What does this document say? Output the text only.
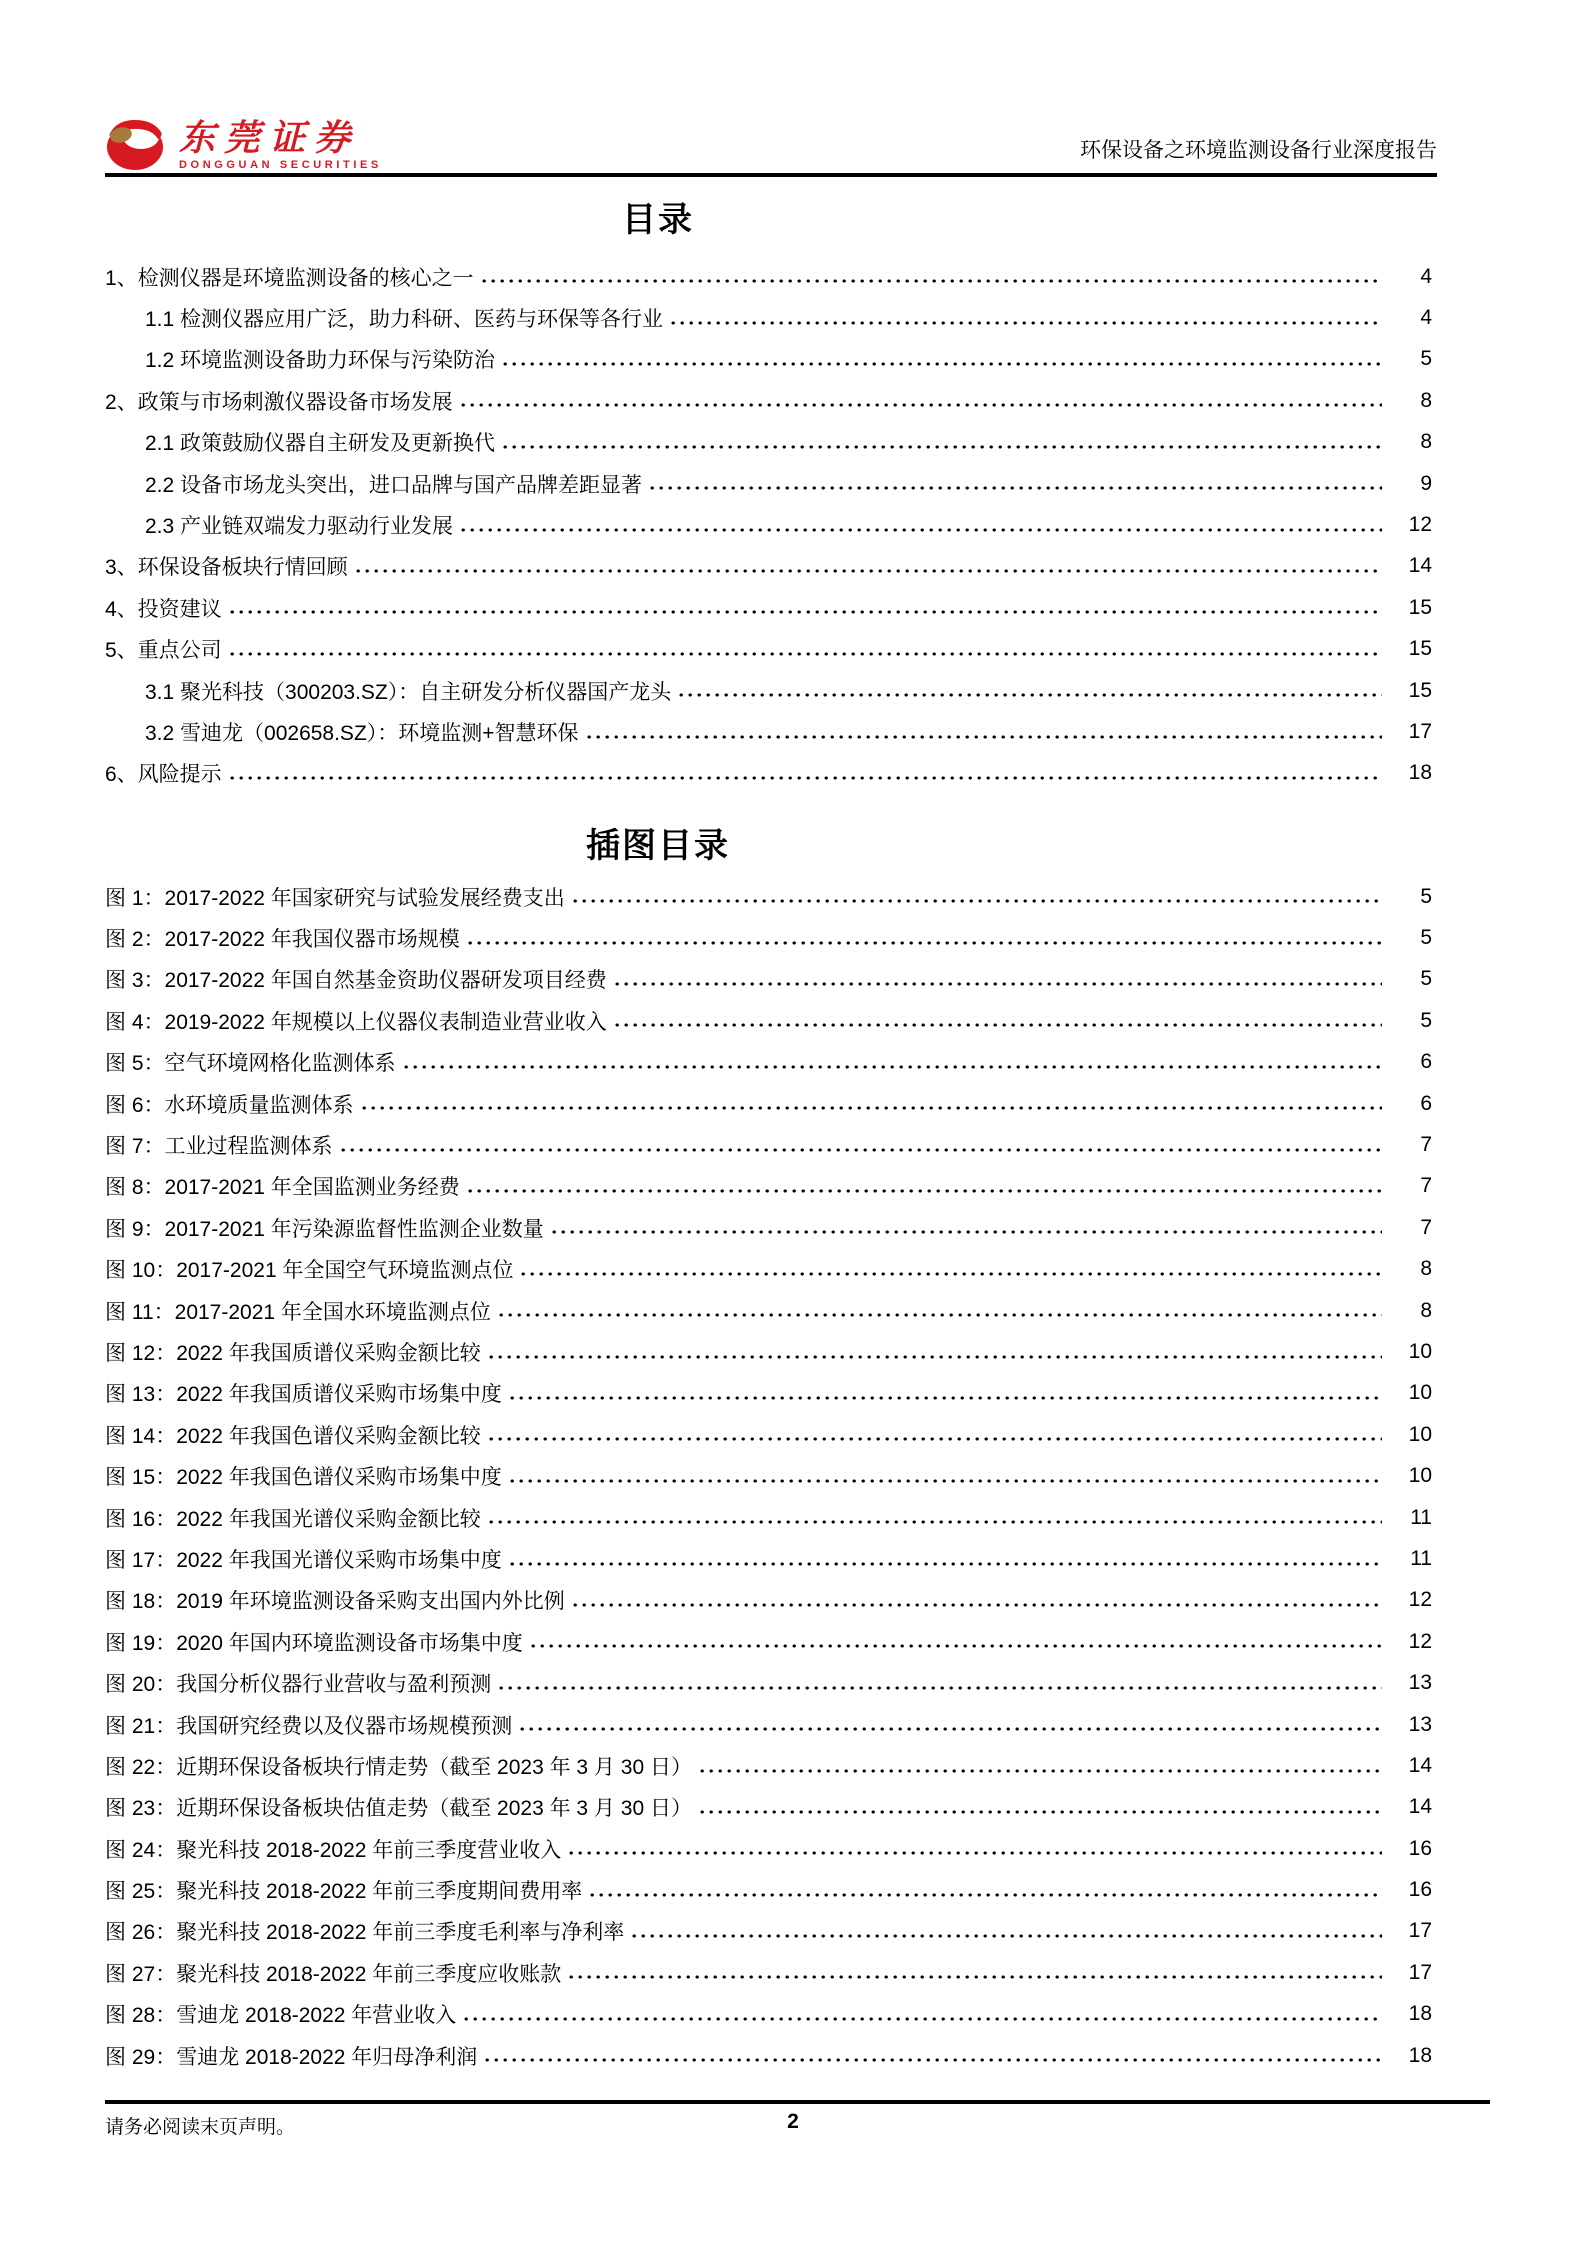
东莞证券
DONGGUAN SECURITIES
环保设备之环境监测设备行业深度报告
目录
1、检测仪器是环境监测设备的核心之一	4
1.1 检测仪器应用广泛，助力科研、医药与环保等各行业	4
1.2 环境监测设备助力环保与污染防治	5
2、政策与市场刺激仪器设备市场发展	8
2.1 政策鼓励仪器自主研发及更新换代	8
2.2 设备市场龙头突出，进口品牌与国产品牌差距显著	9
2.3 产业链双端发力驱动行业发展	12
3、环保设备板块行情回顾	14
4、投资建议	15
5、重点公司	15
3.1 聚光科技（300203.SZ）：自主研发分析仪器国产龙头	15
3.2 雪迪龙（002658.SZ）：环境监测+智慧环保	17
6、风险提示	18
插图目录
图 1：2017-2022 年国家研究与试验发展经费支出	5
图 2：2017-2022 年我国仪器市场规模	5
图 3：2017-2022 年国自然基金资助仪器研发项目经费	5
图 4：2019-2022 年规模以上仪器仪表制造业营业收入	5
图 5：空气环境网格化监测体系	6
图 6：水环境质量监测体系	6
图 7：工业过程监测体系	7
图 8：2017-2021 年全国监测业务经费	7
图 9：2017-2021 年污染源监督性监测企业数量	7
图 10：2017-2021 年全国空气环境监测点位	8
图 11：2017-2021 年全国水环境监测点位	8
图 12：2022 年我国质谱仪采购金额比较	10
图 13：2022 年我国质谱仪采购市场集中度	10
图 14：2022 年我国色谱仪采购金额比较	10
图 15：2022 年我国色谱仪采购市场集中度	10
图 16：2022 年我国光谱仪采购金额比较	11
图 17：2022 年我国光谱仪采购市场集中度	11
图 18：2019 年环境监测设备采购支出国内外比例	12
图 19：2020 年国内环境监测设备市场集中度	12
图 20：我国分析仪器行业营收与盈利预测	13
图 21：我国研究经费以及仪器市场规模预测	13
图 22：近期环保设备板块行情走势（截至 2023 年 3 月 30 日）	14
图 23：近期环保设备板块估值走势（截至 2023 年 3 月 30 日）	14
图 24：聚光科技 2018-2022 年前三季度营业收入	16
图 25：聚光科技 2018-2022 年前三季度期间费用率	16
图 26：聚光科技 2018-2022 年前三季度毛利率与净利率	17
图 27：聚光科技 2018-2022 年前三季度应收账款	17
图 28：雪迪龙 2018-2022 年营业收入	18
图 29：雪迪龙 2018-2022 年归母净利润	18
请务必阅读末页声明。	2
